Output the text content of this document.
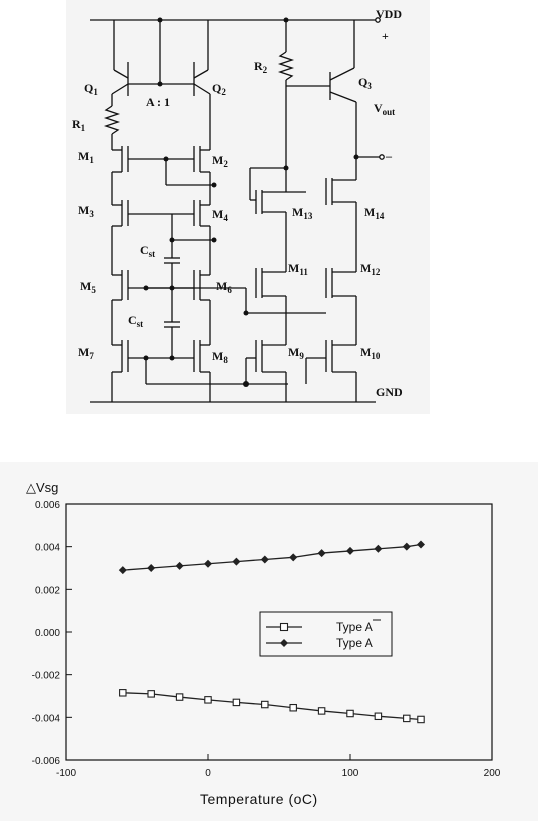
VDD
+
$Q_1$	$Q_2$
$Q_3$
A : 1
$R_1$
$R_2$
$V_{out}$
–
$C_{st}$
$C_{st}$
GND
$M_1$	$M_2$
$M_3$	$M_4$
$M_5$	$M_6$
$M_7$	$M_8$
$M_9$	$M_{10}$
$M_{11}$	$M_{12}$
$M_{13}$	$M_{14}$
△Vsg
0.006
0.004
0.002
0.000
-0.002
-0.004
-0.006
-100	0	100	200
Temperature (oC)
Type A
Type A
